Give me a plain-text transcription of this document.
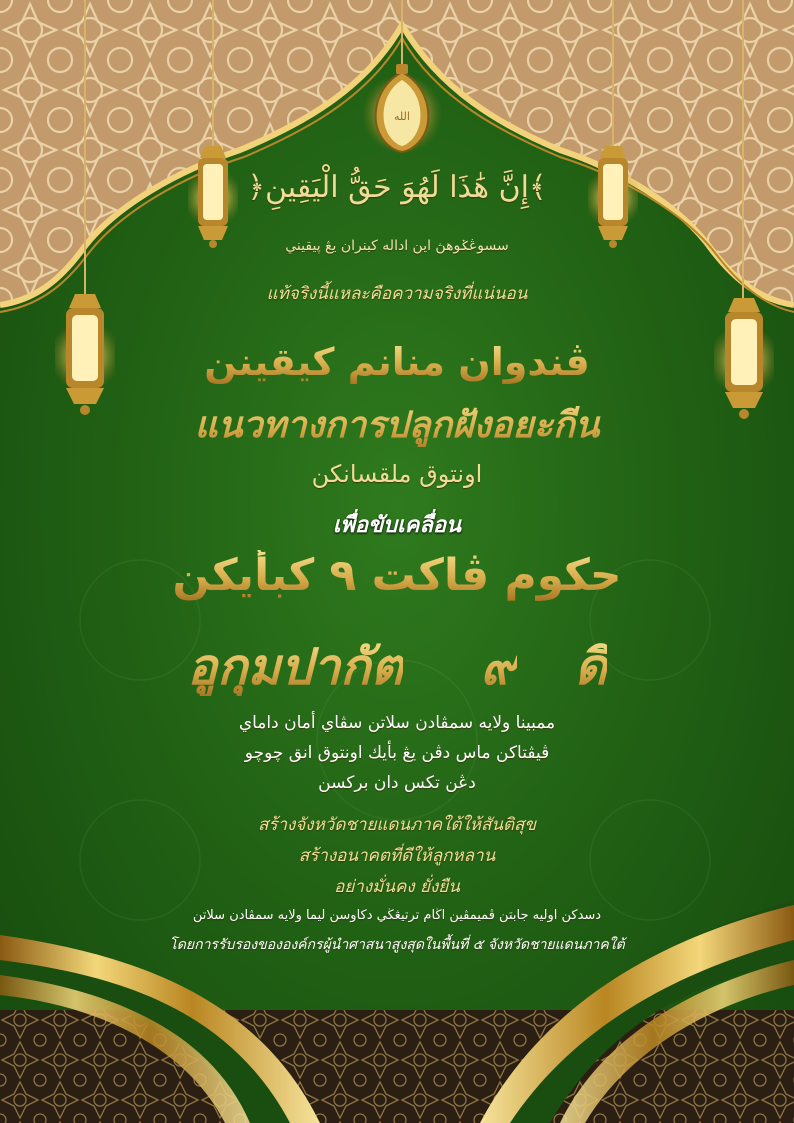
الله
﴿إِنَّ هَٰذَا لَهُوَ حَقُّ الْيَقِينِ﴾
سسوڠݢوهڽ اين اداله كبنران يڠ ڽيقيني
แท้จริงนี้แหละคือความจริงที่แน่นอน
ڤندوان منانم كيقينن
แนวทางการปลูกฝังอยะกีน
اونتوق ملقسانكن
เพื่อขับเคลื่อน
حكوم ڤاكت ٩ كبأيكن
อูกุมปากัต ๙ ดี
ممبينا ولايه سمڤادن سلاتن سڤاي أمان داماي
ڤيڤتاكن ماس دڤن يڠ بأيك اونتوق انق چوچو
دڠن تكس دان بركسن
สร้างจังหวัดชายแดนภาคใต้ให้สันติสุข
สร้างอนาคตที่ดีให้ลูกหลาน
อย่างมั่นคง ยั่งยืน
دسدكن اوليه جابتن ڤميمڤين اڬام ترتيڠڬي دكاوسن ليما ولايه سمڤادن سلاتن
โดยการรับรองขององค์กรผู้นำศาสนาสูงสุดในพื้นที่ ๕ จังหวัดชายแดนภาคใต้
